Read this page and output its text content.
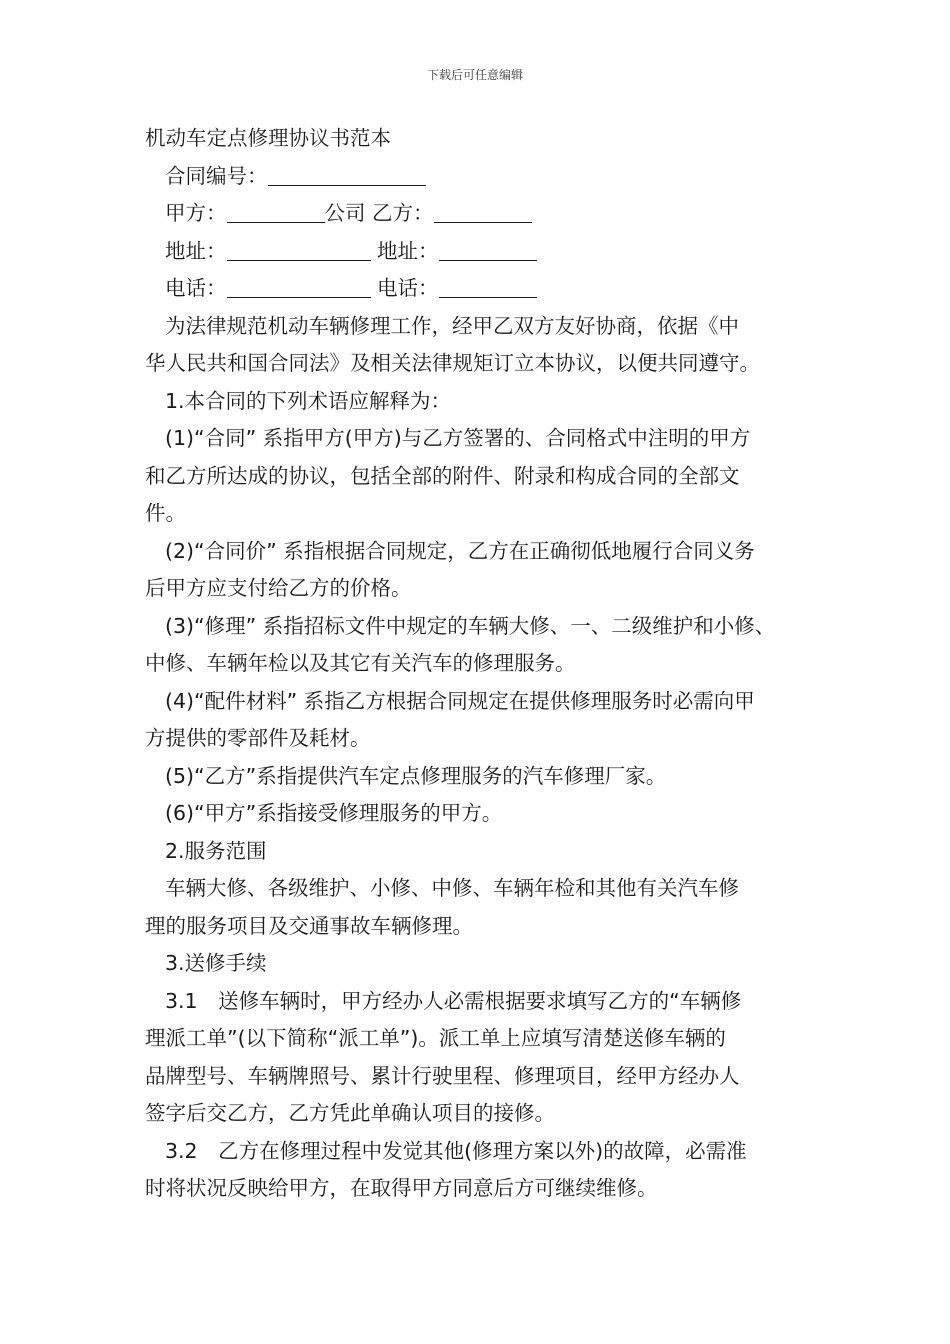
下载后可任意编辑
机动车定点修理协议书范本
合同编号：
甲方：	公司 乙方：
地址：	地址：
电话：	电话：
为法律规范机动车辆修理工作，经甲乙双方友好协商，依据《中
华人民共和国合同法》及相关法律规矩订立本协议，以便共同遵守。
1.本合同的下列术语应解释为：
(1)“合同” 系指甲方(甲方)与乙方签署的、合同格式中注明的甲方
和乙方所达成的协议，包括全部的附件、附录和构成合同的全部文
件。
(2)“合同价” 系指根据合同规定，乙方在正确彻低地履行合同义务
后甲方应支付给乙方的价格。
(3)“修理” 系指招标文件中规定的车辆大修、一、二级维护和小修、
中修、车辆年检以及其它有关汽车的修理服务。
(4)“配件材料” 系指乙方根据合同规定在提供修理服务时必需向甲
方提供的零部件及耗材。
(5)“乙方”系指提供汽车定点修理服务的汽车修理厂家。
(6)“甲方”系指接受修理服务的甲方。
2.服务范围
车辆大修、各级维护、小修、中修、车辆年检和其他有关汽车修
理的服务项目及交通事故车辆修理。
3.送修手续
3.1　送修车辆时，甲方经办人必需根据要求填写乙方的“车辆修
理派工单”(以下简称“派工单”)。派工单上应填写清楚送修车辆的
品牌型号、车辆牌照号、累计行驶里程、修理项目，经甲方经办人
签字后交乙方，乙方凭此单确认项目的接修。
3.2　乙方在修理过程中发觉其他(修理方案以外)的故障，必需准
时将状况反映给甲方，在取得甲方同意后方可继续维修。
